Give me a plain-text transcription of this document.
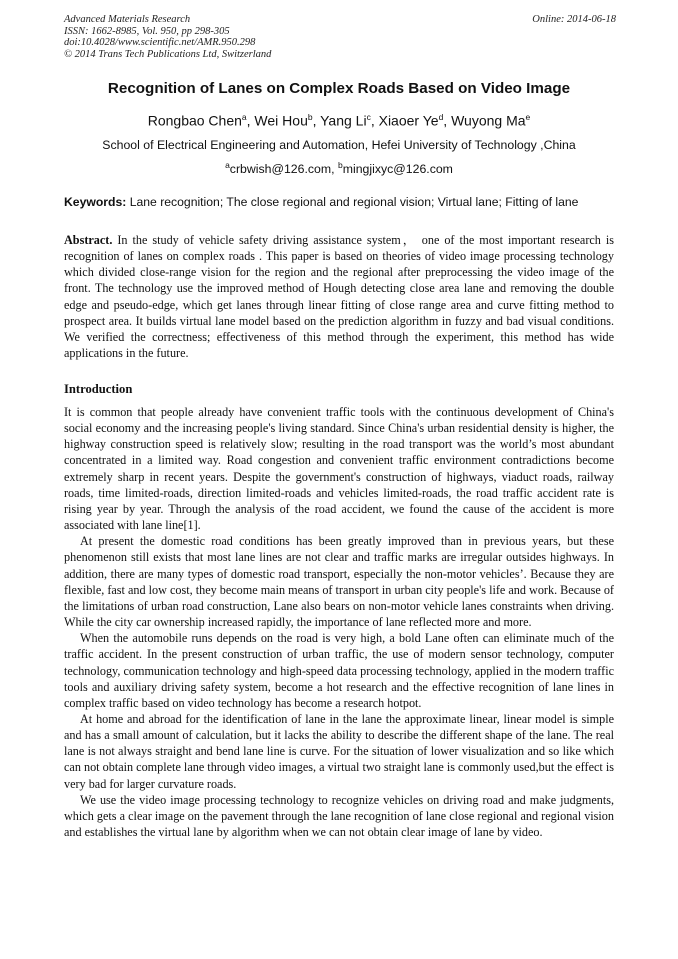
Advanced Materials Research
ISSN: 1662-8985, Vol. 950, pp 298-305
doi:10.4028/www.scientific.net/AMR.950.298
© 2014 Trans Tech Publications Ltd, Switzerland
Online: 2014-06-18
Recognition of Lanes on Complex Roads Based on Video Image
Rongbao Chen$^a$, Wei Hou$^b$, Yang Li$^c$, Xiaoer Ye$^d$, Wuyong Ma$^e$
School of Electrical Engineering and Automation, Hefei University of Technology ,China
$^a$crbwish@126.com, $^b$mingjixyc@126.com
Keywords: Lane recognition; The close regional and regional vision; Virtual lane; Fitting of lane
Abstract. In the study of vehicle safety driving assistance system， one of the most important research is recognition of lanes on complex roads . This paper is based on theories of video image processing technology which divided close-range vision for the region and the regional after preprocessing the video image of the front. The technology use the improved method of Hough detecting close area lane and removing the double edge and pseudo-edge, which get lanes through linear fitting of close range area and curve fitting method to prospect area. It builds virtual lane model based on the prediction algorithm in fuzzy and bad visual conditions. We verified the correctness; effectiveness of this method through the experiment, this method has wide applications in the future.
Introduction

It is common that people already have convenient traffic tools with the continuous development of China's social economy and the increasing people's living standard. Since China's urban residential density is higher, the highway construction speed is relatively slow; resulting in the road transport was the world’s most abundant concentrated in a limited way. Road congestion and convenient traffic environment contradictions become extremely sharp in recent years. Despite the government's construction of highways, viaduct roads, railway roads, time limited-roads, direction limited-roads and vehicles limited-roads, the road traffic accident rate is rising year by year. Through the analysis of the road accident, we found the cause of the accident is more associated with lane line[1].

At present the domestic road conditions has been greatly improved than in previous years, but these phenomenon still exists that most lane lines are not clear and traffic marks are irregular outsides highways. In addition, there are many types of domestic road transport, especially the non-motor vehicles’. Because they are flexible, fast and low cost, they become main means of transport in urban city people's life and work. Because of the limitations of urban road construction, Lane also bears on non-motor vehicle lanes constraints when driving. While the city car ownership increased rapidly, the importance of lane reflected more and more.

When the automobile runs depends on the road is very high, a bold Lane often can eliminate much of the traffic accident. In the present construction of urban traffic, the use of modern sensor technology, computer technology, communication technology and high-speed data processing technology, applied in the modern traffic tools and auxiliary driving safety system, become a hot research and the effective recognition of lane lines in complex traffic based on video technology has become a research hotpot.

At home and abroad for the identification of lane in the lane the approximate linear, linear model is simple and has a small amount of calculation, but it lacks the ability to describe the different shape of the lane. The real lane is not always straight and bend lane line is curve. For the situation of lower visualization and so like which can not obtain complete lane through video images, a virtual two straight lane is commonly used,but the effect is very bad for larger curvature roads.

We use the video image processing technology to recognize vehicles on driving road and make judgments, which gets a clear image on the pavement through the lane recognition of lane close regional and regional vision and establishes the virtual lane by algorithm when we can not obtain clear image of lane by video.
